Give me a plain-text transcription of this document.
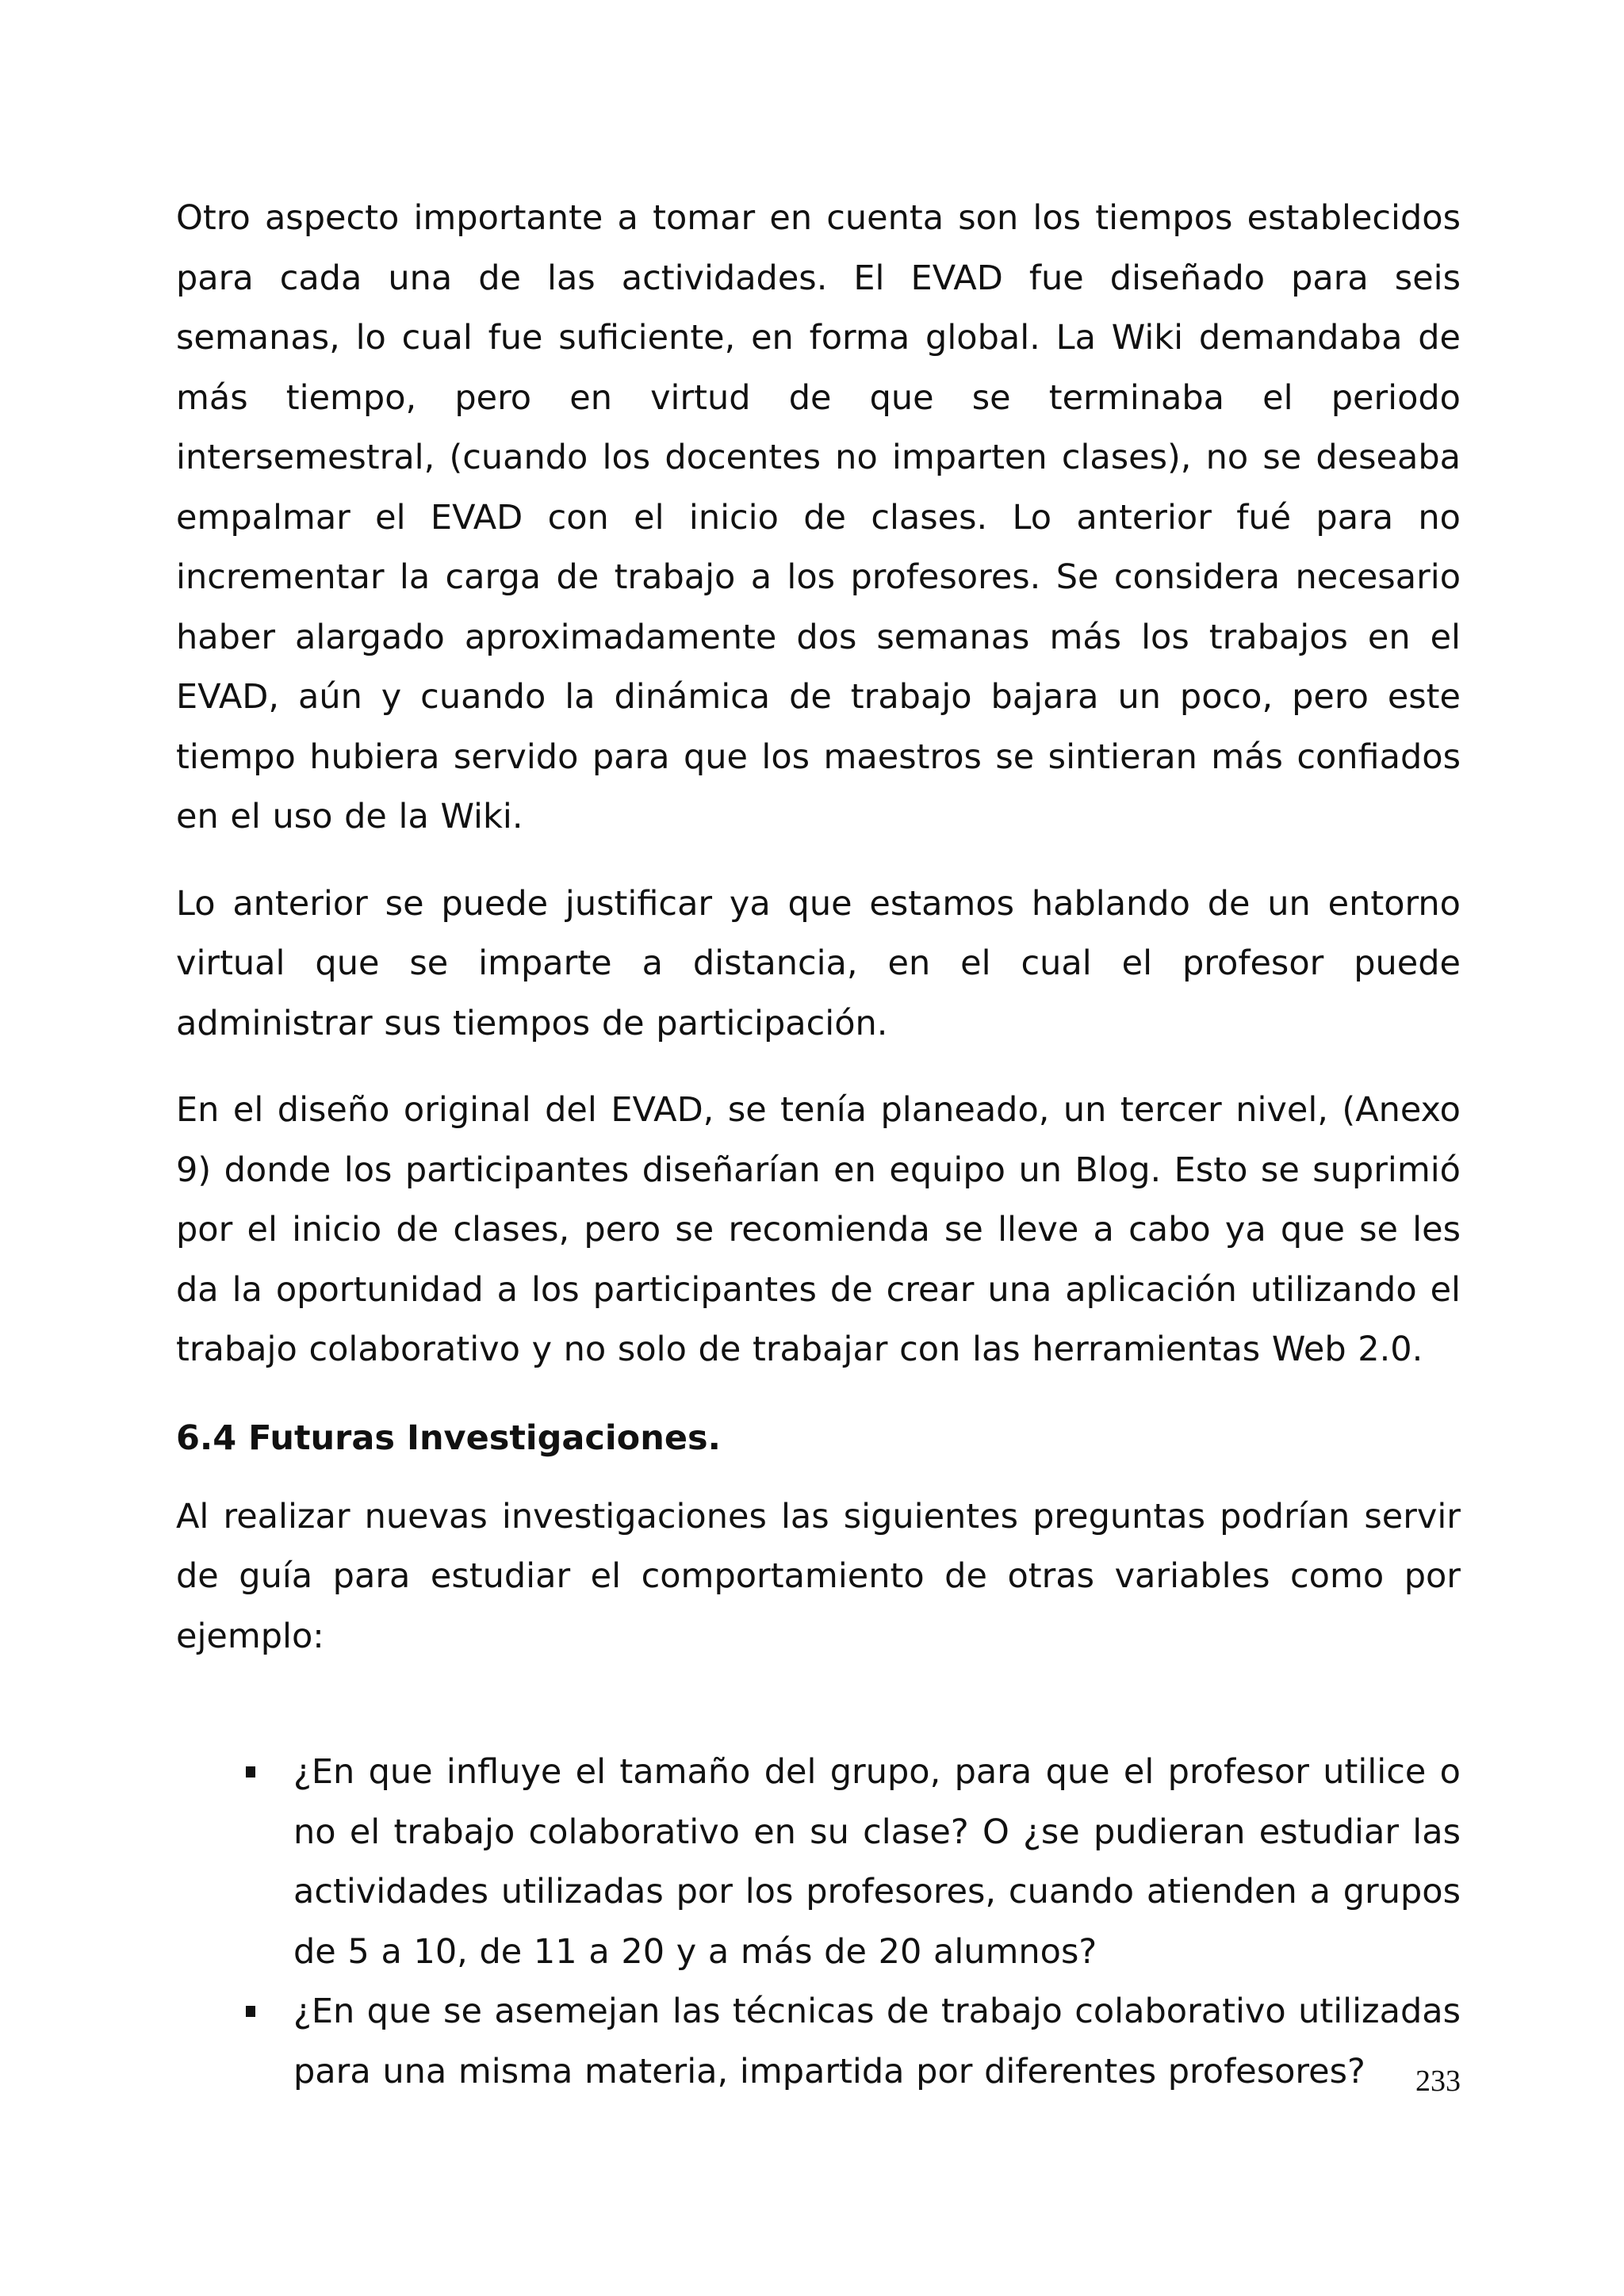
Otro aspecto importante a tomar en cuenta son los tiempos establecidos para cada una de las actividades. El EVAD fue diseñado para seis semanas, lo cual fue suficiente, en forma global. La Wiki demandaba de más tiempo, pero en virtud de que se terminaba el periodo intersemestral, (cuando los docentes no imparten clases), no se deseaba empalmar el EVAD con el inicio de clases. Lo anterior fué para no incrementar la carga de trabajo a los profesores. Se considera necesario haber alargado aproximadamente dos semanas más los trabajos en el EVAD, aún y cuando la dinámica de trabajo bajara un poco, pero este tiempo hubiera servido para que los maestros se sintieran más confiados en el uso de la Wiki.

Lo anterior se puede justificar ya que estamos hablando de un entorno virtual que se imparte a distancia, en el cual el profesor puede administrar sus tiempos de participación.

En el diseño original del EVAD, se tenía planeado, un tercer nivel, (Anexo 9) donde los participantes diseñarían en equipo un Blog. Esto se suprimió por el inicio de clases, pero se recomienda se lleve a cabo ya que se les da la oportunidad a los participantes de crear una aplicación utilizando el trabajo colaborativo y no solo de trabajar con las herramientas Web 2.0.

6.4 Futuras Investigaciones.

Al realizar nuevas investigaciones las siguientes preguntas podrían servir de guía para estudiar el comportamiento de otras variables como por ejemplo:

¿En que influye el tamaño del grupo, para que el profesor utilice o no el trabajo colaborativo en su clase? O ¿se pudieran estudiar las actividades utilizadas por los profesores, cuando atienden a grupos de 5 a 10, de 11 a 20 y a más de 20 alumnos?
¿En que se asemejan las técnicas de trabajo colaborativo utilizadas para una misma materia, impartida por diferentes profesores?	233
